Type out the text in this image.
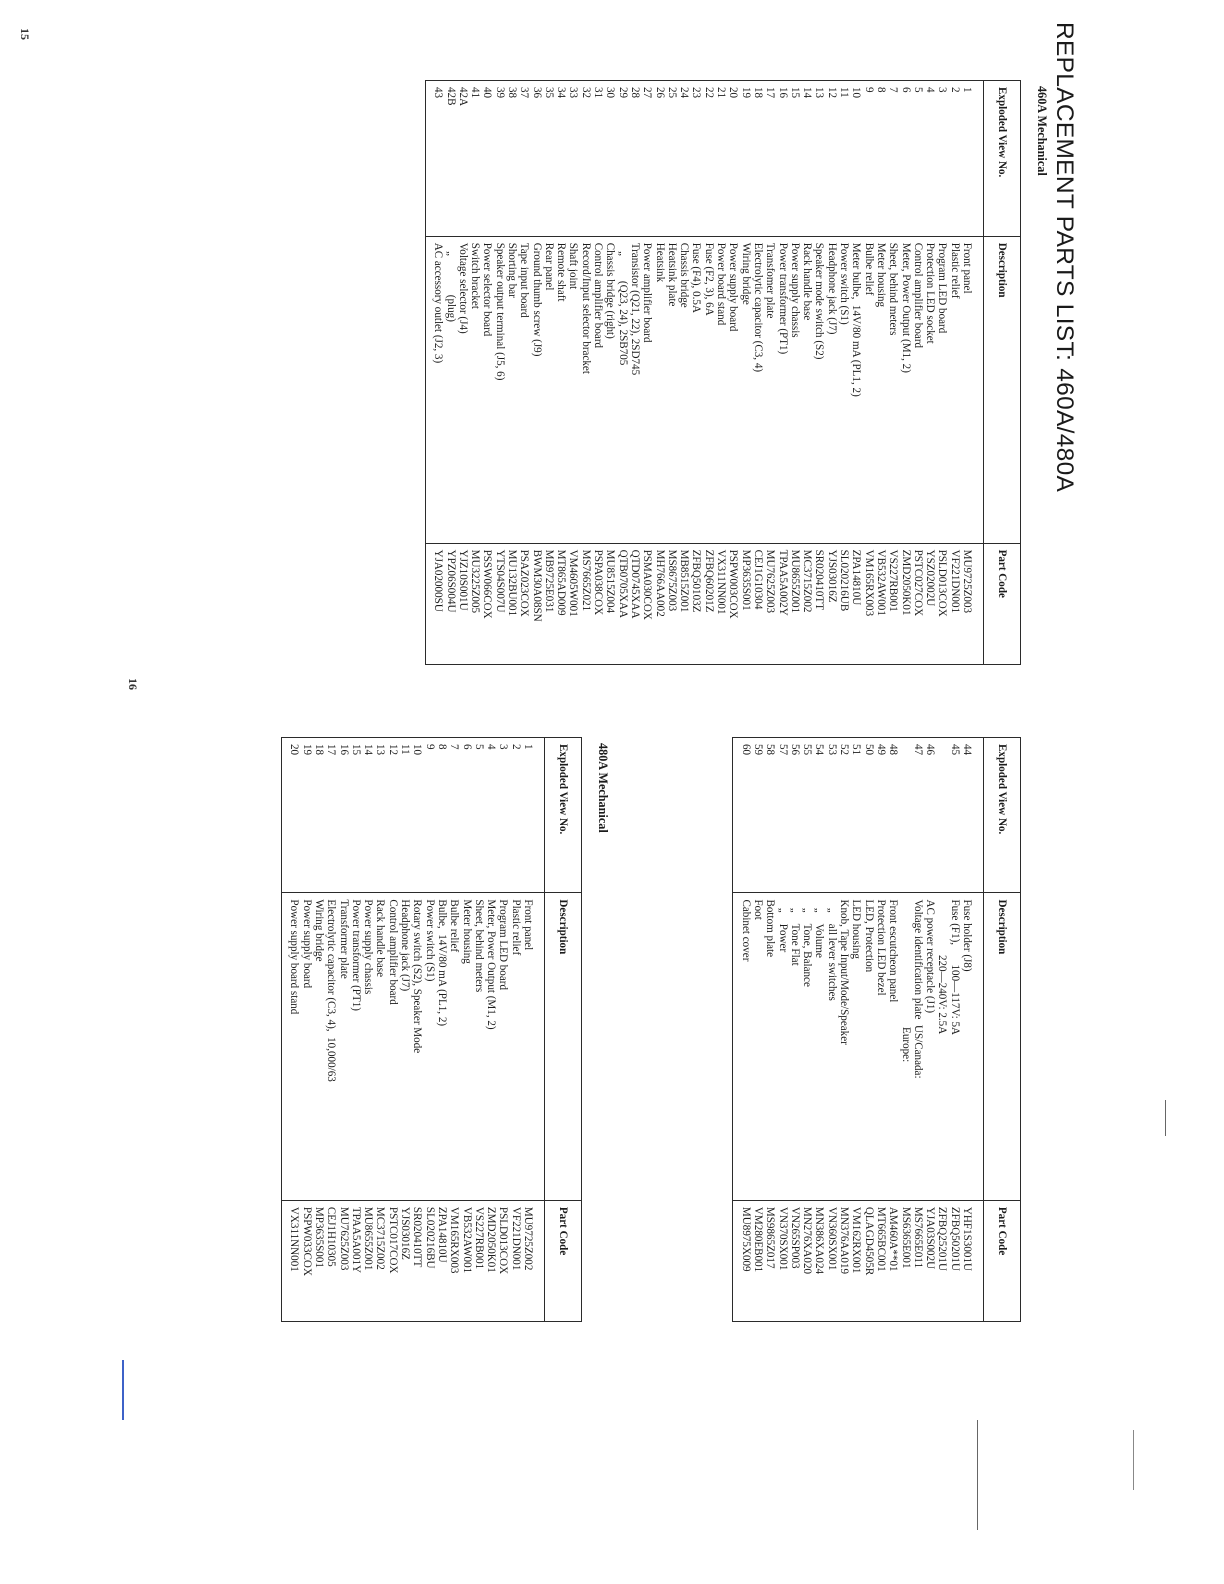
REPLACEMENT PARTS LIST: 460A/480A
460A Mechanical
Exploded View No.	Description	Part Code
1	Front panel	MU9725Z003
2	Plastic relief	VF221DN001
3	Program LED board	PSLD013COX
4	Protection LED socket	YSZ02002U
5	Control amplifier board	PSTC027COX
6	Meter, Power Output (M1, 2)	ZMD2050K01
7	Sheet, behind meters	VS227RB001
8	Meter housing	VB532AW001
9	Bulbe relief	VM165RX003
10	Meter bulbe,  14V/80 mA (PL1, 2)	ZPA14810U
11	Power switch (S1)	SL020216UB
12	Headphone jack (J7)	YJS03016Z
13	Speaker mode switch (S2)	SR020410TT
14	Rack handle base	MC3715Z002
15	Power supply chassis	MU8655Z001
16	Power transformer (PT1)	TPAA5A002Y
17	Transfomer plate	MU7625Z003
18	Electrolytic capacitor (C3, 4)	CEJ1G10304
19	Wiring bridge	MP3635S001
20	Power supply board	PSPW003COX
21	Power board stand	VX311NN001
22	Fuse (F2, 3), 6A	ZFBQ60201Z
23	Fuse (F4), 0.5A	ZFBQ50103Z
24	Chassis bridge	MB8515Z001
25	Heatsink plate	MS8675Z003
26	Heatsink	MH766AA002
27	Power amplifier board	PSMA030COX
28	Transistor (Q21, 22), 2SD745	QTD0745XAA
29	„         (Q23, 24), 2SB705	QTB0705XAA
30	Chassis bridge (right)	MU8515Z004
31	Control amplifier board	PSPA038COX
32	Record/Input selector bracket	MS7665Z021
33	Shaft joint	VM4605W001
34	Remote shaft	MT865AD009
35	Rear panel	MB9725E031
36	Ground thumb screw (J9)	BWM30A08SN
37	Tape input board	PSAZ023COX
38	Shorting bar	MU132BU001
39	Speaker output terminal (J5, 6)	YTS04S007U
40	Power selector board	PSSW066COX
41	Switch bracket	MU3225Z005
42A	Voltage selector (J4)	YJZ10S001U
42B	„              (plug)	YPZ06S004U
43	AC accessory outlet (J2, 3)	YJA02000SU
Exploded View No.	Description	Part Code
44	Fuse holder (J8)	YHF1S3001U
45	Fuse (F1),       100—117V: 5A	ZFBQ50201U
	220—240V: 2.5A	ZFBQ25201U
46	AC power receptacle (J1)	YJA03S002U
47	Voltage identification plate  US/Canada:	MS7665E011
	Europe:	MS6365E001
48	Front escutcheon panel	AM460A**01
49	Protection LED bezel	MT665BC001
50	LED, Protection	QLAGD4505R
51	LED housing	VM162RX001
52	Knob, Tape Input/Mode/Speaker	MN376AA019
53	„    all lever switches	VN360SX001
54	„    Volume	MN386XA024
55	„    Tone, Balance	MN276XA020
56	„    Tone Flat	VN265SP003
57	„    Power	VN370SX001
58	Bottom plate	MS9865Z017
59	Foot	VM280EB001
60	Cabinet cover	MU8975X009
480A Mechanical
Exploded View No.	Description	Part Code
1	Front panel	MU9725Z002
2	Plastic relief	VF221DN001
3	Program LED board	PSLD013COX
4	Meter, Power Output (M1, 2)	ZMD2050K01
5	Sheet, behind meters	VS227RB001
6	Meter housing	VB532AW001
7	Bulbe relief	VM165RX003
8	Bulbe,  14V/80 mA (PL1, 2)	ZPA14810U
9	Power switch (S1)	SL020216BU
10	Rotary switch (S2), Speaker Mode	SR020410TT
11	Headphone jack (J7)	YJS03016Z
12	Control amplifier board	PSTC017COX
13	Rack handle base	MC3715Z002
14	Power supply chassis	MU8655Z001
15	Power transformer (PT1)	TPAA5A001Y
16	Transformer plate	MU7625Z003
17	Electrolytic capacitor (C3, 4),  10,000/63	CEJ1H10305
18	Wiring bridge	MP3635S001
19	Power supply board	PSPW033COX
20	Power supply board stand	VX311NN001
15
16
